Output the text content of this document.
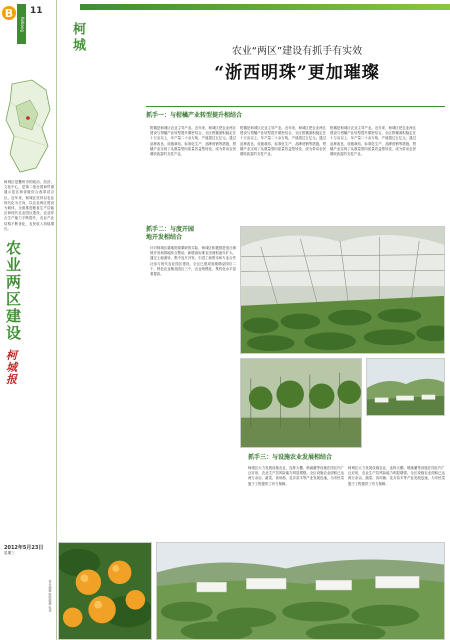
B
Kebang
11
柯城区是衢州市的政治、经济、文化中心，是第二批全国商贸流通示范区和省级综合改革试点区。近年来，柯城区坚持以农业现代化为方向，以农业两区建设为载体，全面推进粮食生产功能区和现代农业园区建设，农业综合生产能力不断提升，农业产业结构不断优化，农民收入持续增长。
农业两区建设
柯城报
2012年5月23日
星期三
责任编辑 组版编辑 电话
柯城	农业“两区”建设有抓手有实效
“浙西明珠”更加璀璨
抓手一：与柑橘产业转型提升相结合
柑橘是柯城区农业主导产业。近年来，柯城区把农业两区建设与柑橘产业转型提升紧密结合，全区柑橘面积稳定在十万亩以上，年产量二十余万吨，产值超过五亿元。通过品种改良、设施栽培、标准化生产、品牌营销等措施，柑橘产业实现了从数量型向质量效益型转变，成为带动农民增收致富的支柱产业。
柑橘是柯城区农业主导产业。近年来，柯城区把农业两区建设与柑橘产业转型提升紧密结合，全区柑橘面积稳定在十万亩以上，年产量二十余万吨，产值超过五亿元。通过品种改良、设施栽培、标准化生产、品牌营销等措施，柑橘产业实现了从数量型向质量效益型转变，成为带动农民增收致富的支柱产业。
柑橘是柯城区农业主导产业。近年来，柯城区把农业两区建设与柑橘产业转型提升紧密结合，全区柑橘面积稳定在十万亩以上，年产量二十余万吨，产值超过五亿元。通过品种改良、设施栽培、标准化生产、品牌营销等措施，柑橘产业实现了从数量型向质量效益型转变，成为带动农民增收致富的支柱产业。
抓手二：与度开园地开发相结合
针对柯城区耕地资源紧缺的实际，柯城区积极推进低丘缓坡开发和园地综合整治，新增高标准农田面积逐年扩大。通过土地流转、集中连片开发，引进工商资本和专业合作社参与现代农业园区建设，全区已建成省级精品园区二个、特色农业精品园区三个，农业规模化、集约化水平显著提高。
抓手三：与设施农业发展相结合
柯城区大力发展设施农业，连栋大棚、喷滴灌等设施在园区内广泛应用，农业生产抗风险能力明显增强。全区设施农业面积已达两万余亩，蔬菜、食用菌、花卉苗木等产业发展迅速，为市民菜篮子工程提供了有力保障。
柯城区大力发展设施农业，连栋大棚、喷滴灌等设施在园区内广泛应用，农业生产抗风险能力明显增强。全区设施农业面积已达两万余亩，蔬菜、食用菌、花卉苗木等产业发展迅速，为市民菜篮子工程提供了有力保障。
